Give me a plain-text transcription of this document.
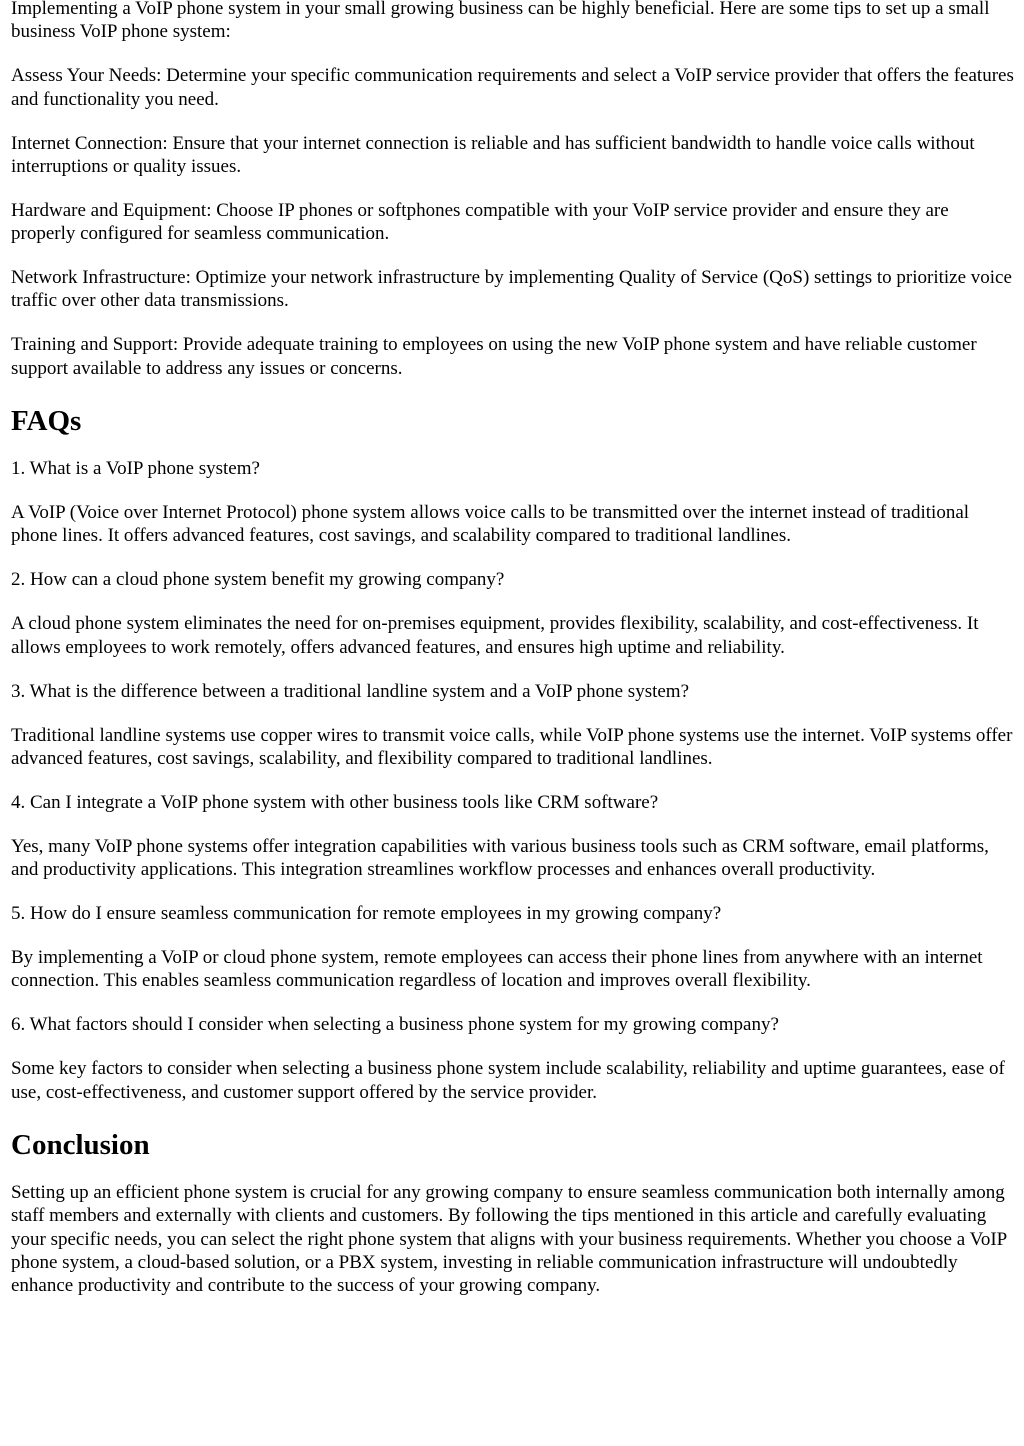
Implementing a VoIP phone system in your small growing business can be highly beneficial. Here are some tips to set up a small business VoIP phone system:

Assess Your Needs: Determine your specific communication requirements and select a VoIP service provider that offers the features and functionality you need.

Internet Connection: Ensure that your internet connection is reliable and has sufficient bandwidth to handle voice calls without interruptions or quality issues.

Hardware and Equipment: Choose IP phones or softphones compatible with your VoIP service provider and ensure they are properly configured for seamless communication.

Network Infrastructure: Optimize your network infrastructure by implementing Quality of Service (QoS) settings to prioritize voice traffic over other data transmissions.

Training and Support: Provide adequate training to employees on using the new VoIP phone system and have reliable customer support available to address any issues or concerns.

FAQs

1. What is a VoIP phone system?

A VoIP (Voice over Internet Protocol) phone system allows voice calls to be transmitted over the internet instead of traditional phone lines. It offers advanced features, cost savings, and scalability compared to traditional landlines.

2. How can a cloud phone system benefit my growing company?

A cloud phone system eliminates the need for on-premises equipment, provides flexibility, scalability, and cost-effectiveness. It allows employees to work remotely, offers advanced features, and ensures high uptime and reliability.

3. What is the difference between a traditional landline system and a VoIP phone system?

Traditional landline systems use copper wires to transmit voice calls, while VoIP phone systems use the internet. VoIP systems offer advanced features, cost savings, scalability, and flexibility compared to traditional landlines.

4. Can I integrate a VoIP phone system with other business tools like CRM software?

Yes, many VoIP phone systems offer integration capabilities with various business tools such as CRM software, email platforms, and productivity applications. This integration streamlines workflow processes and enhances overall productivity.

5. How do I ensure seamless communication for remote employees in my growing company?

By implementing a VoIP or cloud phone system, remote employees can access their phone lines from anywhere with an internet connection. This enables seamless communication regardless of location and improves overall flexibility.

6. What factors should I consider when selecting a business phone system for my growing company?

Some key factors to consider when selecting a business phone system include scalability, reliability and uptime guarantees, ease of use, cost-effectiveness, and customer support offered by the service provider.

Conclusion

Setting up an efficient phone system is crucial for any growing company to ensure seamless communication both internally among staff members and externally with clients and customers. By following the tips mentioned in this article and carefully evaluating your specific needs, you can select the right phone system that aligns with your business requirements. Whether you choose a VoIP phone system, a cloud-based solution, or a PBX system, investing in reliable communication infrastructure will undoubtedly enhance productivity and contribute to the success of your growing company.
